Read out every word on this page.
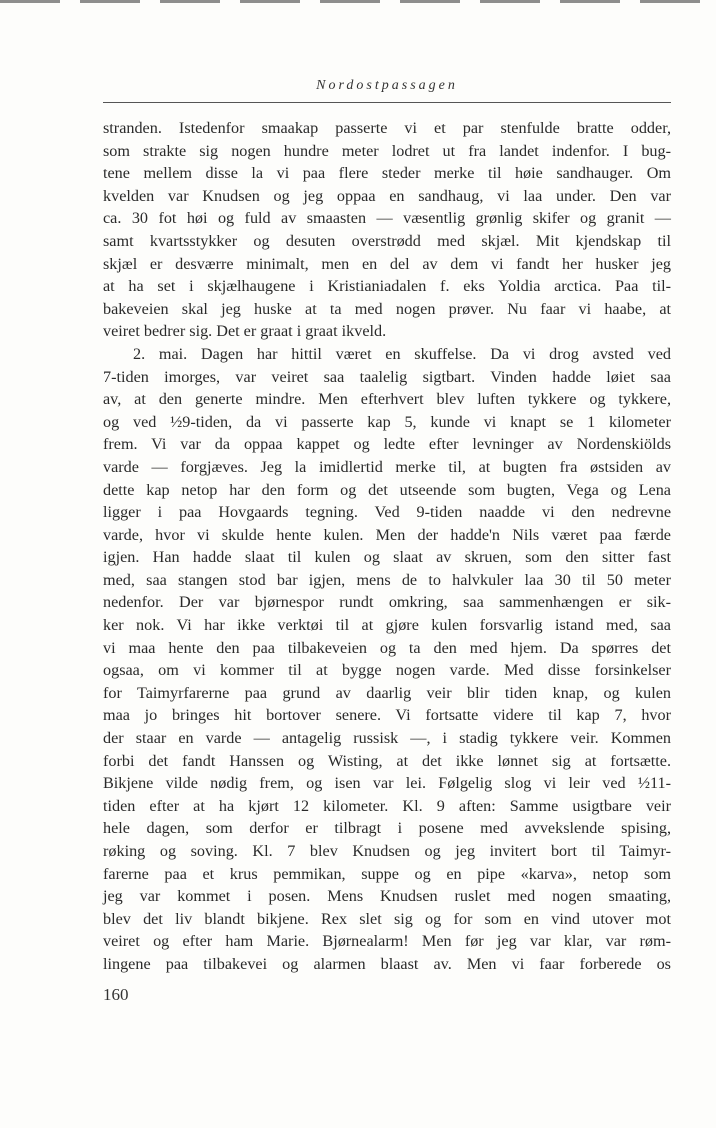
Nordostpassagen
stranden. Istedenfor smaakap passerte vi et par stenfulde bratte odder,
som strakte sig nogen hundre meter lodret ut fra landet indenfor. I bug-
tene mellem disse la vi paa flere steder merke til høie sandhauger. Om
kvelden var Knudsen og jeg oppaa en sandhaug, vi laa under. Den var
ca. 30 fot høi og fuld av smaasten — væsentlig grønlig skifer og granit —
samt kvartsstykker og desuten overstrødd med skjæl. Mit kjendskap til
skjæl er desværre minimalt, men en del av dem vi fandt her husker jeg
at ha set i skjælhaugene i Kristianiadalen f. eks Yoldia arctica. Paa til-
bakeveien skal jeg huske at ta med nogen prøver. Nu faar vi haabe, at
veiret bedrer sig. Det er graat i graat ikveld.
2. mai. Dagen har hittil været en skuffelse. Da vi drog avsted ved
7-tiden imorges, var veiret saa taalelig sigtbart. Vinden hadde løiet saa
av, at den generte mindre. Men efterhvert blev luften tykkere og tykkere,
og ved ½9-tiden, da vi passerte kap 5, kunde vi knapt se 1 kilometer
frem. Vi var da oppaa kappet og ledte efter levninger av Nordenskiölds
varde — forgjæves. Jeg la imidlertid merke til, at bugten fra østsiden av
dette kap netop har den form og det utseende som bugten, Vega og Lena
ligger i paa Hovgaards tegning. Ved 9-tiden naadde vi den nedrevne
varde, hvor vi skulde hente kulen. Men der hadde'n Nils været paa færde
igjen. Han hadde slaat til kulen og slaat av skruen, som den sitter fast
med, saa stangen stod bar igjen, mens de to halvkuler laa 30 til 50 meter
nedenfor. Der var bjørnespor rundt omkring, saa sammenhængen er sik-
ker nok. Vi har ikke verktøi til at gjøre kulen forsvarlig istand med, saa
vi maa hente den paa tilbakeveien og ta den med hjem. Da spørres det
ogsaa, om vi kommer til at bygge nogen varde. Med disse forsinkelser
for Taimyrfarerne paa grund av daarlig veir blir tiden knap, og kulen
maa jo bringes hit bortover senere. Vi fortsatte videre til kap 7, hvor
der staar en varde — antagelig russisk —, i stadig tykkere veir. Kommen
forbi det fandt Hanssen og Wisting, at det ikke lønnet sig at fortsætte.
Bikjene vilde nødig frem, og isen var lei. Følgelig slog vi leir ved ½11-
tiden efter at ha kjørt 12 kilometer. Kl. 9 aften: Samme usigtbare veir
hele dagen, som derfor er tilbragt i posene med avvekslende spising,
røking og soving. Kl. 7 blev Knudsen og jeg invitert bort til Taimyr-
farerne paa et krus pemmikan, suppe og en pipe «karva», netop som
jeg var kommet i posen. Mens Knudsen ruslet med nogen smaating,
blev det liv blandt bikjene. Rex slet sig og for som en vind utover mot
veiret og efter ham Marie. Bjørnealarm! Men før jeg var klar, var røm-
lingene paa tilbakevei og alarmen blaast av. Men vi faar forberede os
160
